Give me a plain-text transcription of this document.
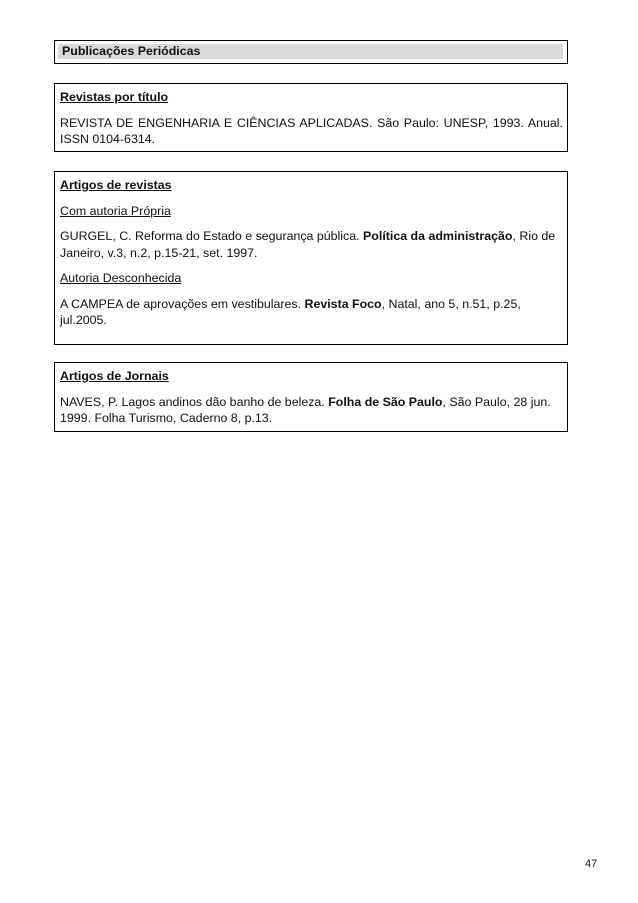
Publicações Periódicas

Revistas por título

REVISTA DE ENGENHARIA E CIÊNCIAS APLICADAS. São Paulo: UNESP, 1993. Anual. ISSN 0104-6314.

Artigos de revistas

Com autoria Própria

GURGEL, C. Reforma do Estado e segurança pública. Política da administração, Rio de Janeiro, v.3, n.2, p.15-21, set. 1997.

Autoria Desconhecida

A CAMPEA de aprovações em vestibulares. Revista Foco, Natal, ano 5, n.51, p.25, jul.2005.

Artigos de Jornais

NAVES, P. Lagos andinos dão banho de beleza. Folha de São Paulo, São Paulo, 28 jun. 1999. Folha Turismo, Caderno 8, p.13.

47
